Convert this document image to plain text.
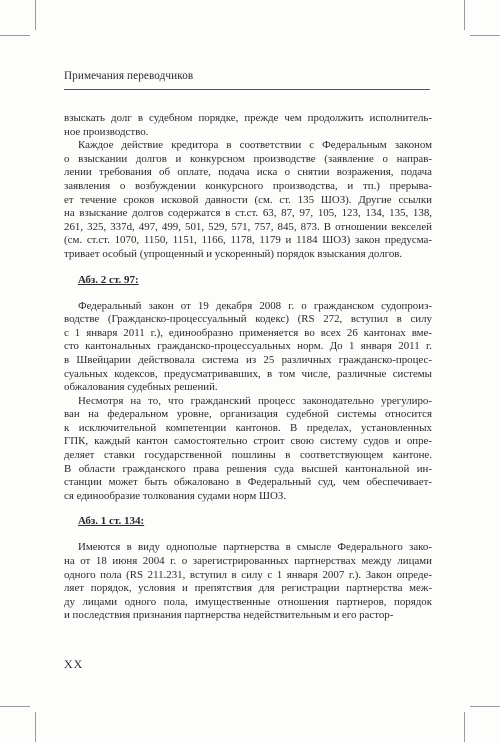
Примечания переводчиков
взыскать долг в судебном порядке, прежде чем продолжить исполнитель-
ное производство.
Каждое действие кредитора в соответствии с Федеральным законом
о взыскании долгов и конкурсном производстве (заявление о направ-
лении требования об оплате, подача иска о снятии возражения, подача
заявления о возбуждении конкурсного производства, и тп.) прерыва-
ет течение сроков исковой давности (см. ст. 135 ШОЗ). Другие ссылки
на взыскание долгов содержатся в ст.ст. 63, 87, 97, 105, 123, 134, 135, 138,
261, 325, 337d, 497, 499, 501, 529, 571, 757, 845, 873. В отношении векселей
(см. ст.ст. 1070, 1150, 1151, 1166, 1178, 1179 и 1184 ШОЗ) закон предусма-
тривает особый (упрощенный и ускоренный) порядок взыскания долгов.
Абз. 2 ст. 97:
Федеральный закон от 19 декабря 2008 г. о гражданском судопроиз-
водстве (Гражданско-процессуальный кодекс) (RS 272, вступил в силу
с 1 января 2011 г.), единообразно применяется во всех 26 кантонах вме-
сто кантональных гражданско-процессуальных норм. До 1 января 2011 г.
в Швейцарии действовала система из 25 различных гражданско-процес-
суальных кодексов, предусматривавших, в том числе, различные системы
обжалования судебных решений.
Несмотря на то, что гражданский процесс законодательно урегулиро-
ван на федеральном уровне, организация судебной системы относится
к исключительной компетенции кантонов. В пределах, установленных
ГПК, каждый кантон самостоятельно строит свою систему судов и опре-
деляет ставки государственной пошлины в соответствующем кантоне.
В области гражданского права решения суда высшей кантональной ин-
станции может быть обжаловано в Федеральный суд, чем обеспечивает-
ся единообразие толкования судами норм ШОЗ.
Абз. 1 ст. 134:
Имеются в виду однополые партнерства в смысле Федерального зако-
на от 18 июня 2004 г. о зарегистрированных партнерствах между лицами
одного пола (RS 211.231, вступил в силу с 1 января 2007 г.). Закон опреде-
ляет порядок, условия и препятствия для регистрации партнерства меж-
ду лицами одного пола, имущественные отношения партнеров, порядок
и последствия признания партнерства недействительным и его растор-
XX
